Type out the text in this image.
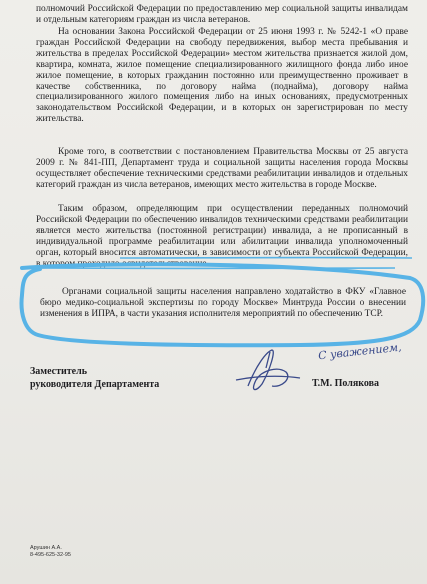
полномочий Российской Федерации по предоставлению мер социальной защиты инвалидам и отдельным категориям граждан из числа ветеранов.

На основании Закона Российской Федерации от 25 июня 1993 г. № 5242-1 «О праве граждан Российской Федерации на свободу передвижения, выбор места пребывания и жительства в пределах Российской Федерации» местом жительства признается жилой дом, квартира, комната, жилое помещение специализированного жилищного фонда либо иное жилое помещение, в которых гражданин постоянно или преимущественно проживает в качестве собственника, по договору найма (поднайма), договору найма специализированного жилого помещения либо на иных основаниях, предусмотренных законодательством Российской Федерации, и в которых он зарегистрирован по месту жительства.

Кроме того, в соответствии с постановлением Правительства Москвы от 25 августа 2009 г. № 841-ПП, Департамент труда и социальной защиты населения города Москвы осуществляет обеспечение техническими средствами реабилитации инвалидов и отдельных категорий граждан из числа ветеранов, имеющих место жительства в городе Москве.

Таким образом, определяющим при осуществлении переданных полномочий Российской Федерации по обеспечению инвалидов техническими средствами реабилитации является место жительства (постоянной регистрации) инвалида, а не прописанный в индивидуальной программе реабилитации или абилитации инвалида уполномоченный орган, который вносится автоматически, в зависимости от субъекта Российской Федерации, в котором проходило освидетельствование.

Органами социальной защиты населения направлено ходатайство в ФКУ «Главное бюро медико-социальной экспертизы по городу Москве» Минтруда России о внесении изменения в ИПРА, в части указания исполнителя мероприятий по обеспечению ТСР.

Заместитель
руководителя Департамента	Т.М. Полякова
Арушин А.А.
8-495-625-32-95
С уважением,
